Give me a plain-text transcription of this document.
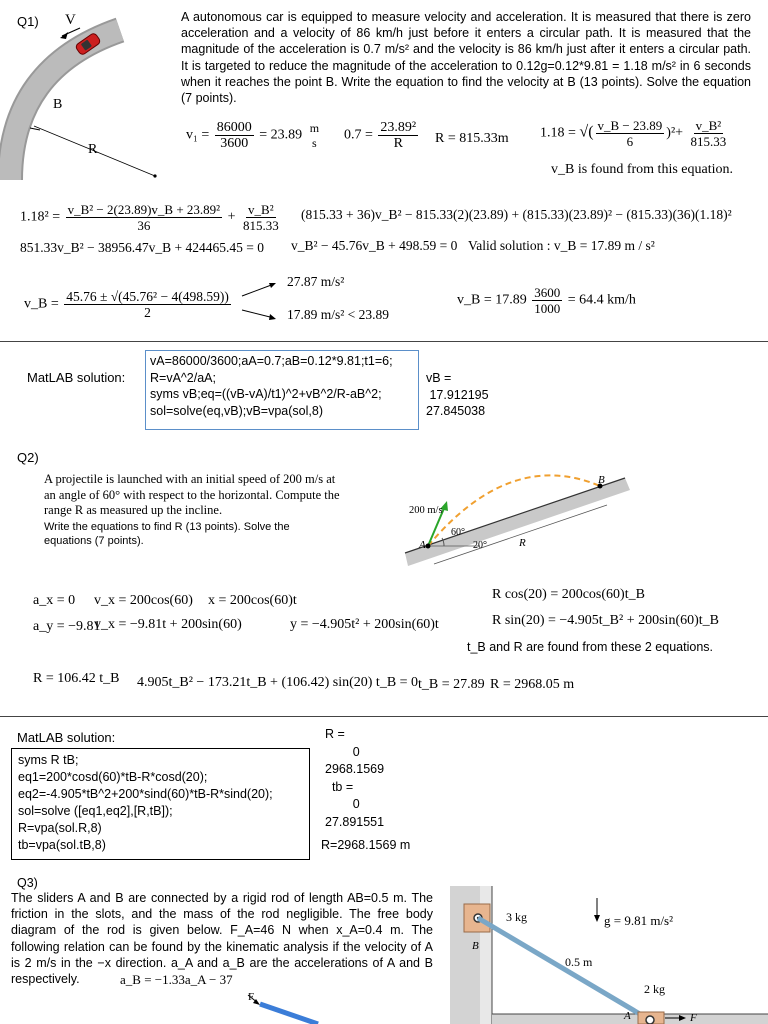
Q1) V
B
R
A autonomous car is equipped to measure velocity and acceleration. It is measured that there is zero acceleration and a velocity of 86 km/h just before it enters a circular path. It is measured that the magnitude of the acceleration is 0.7 m/s² and the velocity is 86 km/h just after it enters a circular path. It is targeted to reduce the magnitude of the acceleration to 0.12g=0.12*9.81 = 1.18 m/s² in 6 seconds when it reaches the point B. Write the equation to find the velocity at B (13 points). Solve the equation (7 points).
$v_1 = \frac{86000}{3600} = 23.89$
m
s $0.7 = \frac{\text{23.89²}}{R}$ R = 815.33m 1.18 = √( $\frac{v\_B - 23.89}{6} )^2+ \frac{\text{v\_B²}}{815.33}$
v_B is found from this equation.
$1.18^2 = \frac{\text{v\_B² − 2(23.89)v\_B + 23.89²}}{36} + \frac{\text{v\_B²}}{815.33} (815.33$ + 36)v_B² − 815.33(2)(23.89) + (815.33)(23.89)² − (815.33)(36)(1.18)²
851.33v_B² − 38956.47v_B + 424465.45 = 0 v_B² − 45.76v_B + 498.59 = 0 Valid solution : v_B = 17.89 m / s²
v_B = $\frac{\text{45.76 ± √(45.76² − 4(498.59))}}{2}$
27.87 m/s²
17.89 m/s² < 23.89
v_B = $17.89 \frac{3600}{1000} = 64.4$ km/h
MatLAB solution:
vA=86000/3600;aA=0.7;aB=0.12*9.81;t1=6;
R=vA^2/aA;
syms vB;eq=((vB-vA)/t1)^2+vB^2/R-aB^2;
sol=solve(eq,vB);vB=vpa(sol,8)
vB =
17.912195
27.845038
Q2)
A projectile is launched with an initial speed of 200 m/s at an angle of 60° with respect to the horizontal. Compute the range R as measured up the incline.
Write the equations to find R (13 points). Solve the equations (7 points).
200 m/s
60°
20°
A
B
R
a_x = 0 v_x = 200cos(60) x = 200cos(60)t
a_y = −9.81
v_x = −9.81t + 200sin(60)	y = −4.905t² + 200sin(60)t
R cos(20) = 200cos(60)t_B
R sin(20) = −4.905t_B² + 200sin(60)t_B
t_B and R are found from these 2 equations.
R = 106.42 t_B 4.905t_B² − 173.21t_B + (106.42) sin(20) t_B = 0 t_B = 27.89 R = 2968.05 m
MatLAB solution:
syms R tB;
eq1=200*cosd(60)*tB-R*cosd(20);
eq2=-4.905*tB^2+200*sind(60)*tB-R*sind(20);
sol=solve ([eq1,eq2],[R,tB]);
R=vpa(sol.R,8)
tb=vpa(sol.tB,8)
R =
0
2968.1569
tb =
0
27.891551
R=2968.1569 m
Q3)
The sliders A and B are connected by a rigid rod of length AB=0.5 m. The friction in the slots, and the mass of the rod negligible. The free body diagram of the rod is given below. F_A=46 N when x_A=0.4 m. The following relation can be found by the kinematic analysis if the velocity of A is 2 m/s in the −x direction. a_A and a_B are the accelerations of A and B respectively.	a_B = −1.33a_A − 37
F
3 kg	g = 9.81 m/s²
B
0.5 m
2 kg
A	F
